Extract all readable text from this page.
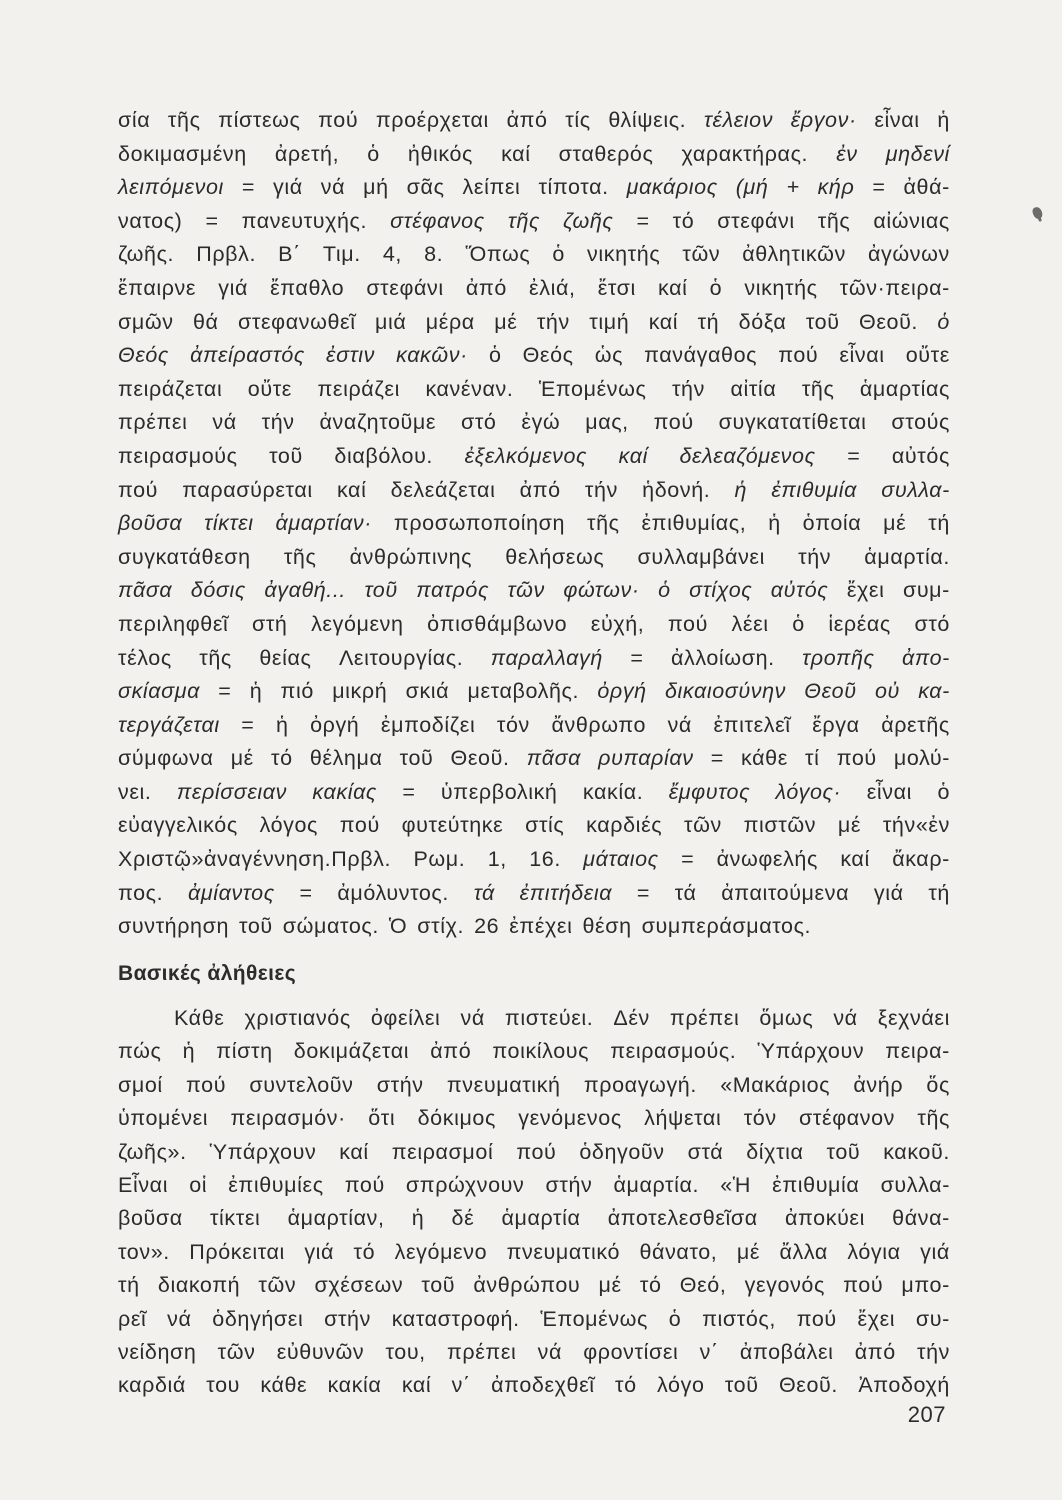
σία τῆς πίστεως πού προέρχεται ἀπό τίς θλίψεις. τέλειον ἔργον· εἶναι ἡ
δοκιμασμένη ἀρετή, ὁ ἠθικός καί σταθερός χαρακτήρας. ἐν μηδενί
λειπόμενοι = γιά νά μή σᾶς λείπει τίποτα. μακάριος (μή + κήρ = ἀθά-
νατος) = πανευτυχής. στέφανος τῆς ζωῆς = τό στεφάνι τῆς αἰώνιας
ζωῆς. Πρβλ. Β΄ Τιμ. 4, 8. Ὅπως ὁ νικητής τῶν ἀθλητικῶν ἀγώνων
ἔπαιρνε γιά ἔπαθλο στεφάνι ἀπό ἐλιά, ἔτσι καί ὁ νικητής τῶν·πειρα-
σμῶν θά στεφανωθεῖ μιά μέρα μέ τήν τιμή καί τή δόξα τοῦ Θεοῦ. ὁ
Θεός ἀπείραστός ἐστιν κακῶν· ὁ Θεός ὡς πανάγαθος πού εἶναι οὔτε
πειράζεται οὔτε πειράζει κανέναν. Ἑπομένως τήν αἰτία τῆς ἁμαρτίας
πρέπει νά τήν ἀναζητοῦμε στό ἐγώ μας, πού συγκατατίθεται στούς
πειρασμούς τοῦ διαβόλου. ἐξελκόμενος καί δελεαζόμενος = αὐτός
πού παρασύρεται καί δελεάζεται ἀπό τήν ἡδονή. ἡ ἐπιθυμία συλλα-
βοῦσα τίκτει ἁμαρτίαν· προσωποποίηση τῆς ἐπιθυμίας, ἡ ὁποία μέ τή
συγκατάθεση τῆς ἀνθρώπινης θελήσεως συλλαμβάνει τήν ἁμαρτία.
πᾶσα δόσις ἀγαθή... τοῦ πατρός τῶν φώτων· ὁ στίχος αὐτός ἔχει συμ-
περιληφθεῖ στή λεγόμενη ὀπισθάμβωνο εὐχή, πού λέει ὁ ἱερέας στό
τέλος τῆς θείας Λειτουργίας. παραλλαγή = ἀλλοίωση. τροπῆς ἀπο-
σκίασμα = ἡ πιό μικρή σκιά μεταβολῆς. ὀργή δικαιοσύνην Θεοῦ οὐ κα-
τεργάζεται = ἡ ὀργή ἐμποδίζει τόν ἄνθρωπο νά ἐπιτελεῖ ἔργα ἀρετῆς
σύμφωνα μέ τό θέλημα τοῦ Θεοῦ. πᾶσα ρυπαρίαν = κάθε τί πού μολύ-
νει. περίσσειαν κακίας = ὑπερβολική κακία. ἔμφυτος λόγος· εἶναι ὁ
εὐαγγελικός λόγος πού φυτεύτηκε στίς καρδιές τῶν πιστῶν μέ τήν«ἐν
Χριστῷ»ἀναγέννηση.Πρβλ. Ρωμ. 1, 16. μάταιος = ἀνωφελής καί ἄκαρ-
πος. ἀμίαντος = ἀμόλυντος. τά ἐπιτήδεια = τά ἀπαιτούμενα γιά τή
συντήρηση τοῦ σώματος. Ὁ στίχ. 26 ἐπέχει θέση συμπεράσματος.
Βασικές ἀλήθειες
Κάθε χριστιανός ὀφείλει νά πιστεύει. Δέν πρέπει ὅμως νά ξεχνάει
πώς ἡ πίστη δοκιμάζεται ἀπό ποικίλους πειρασμούς. Ὑπάρχουν πειρα-
σμοί πού συντελοῦν στήν πνευματική προαγωγή. «Μακάριος ἀνήρ ὅς
ὑπομένει πειρασμόν· ὅτι δόκιμος γενόμενος λήψεται τόν στέφανον τῆς
ζωῆς». Ὑπάρχουν καί πειρασμοί πού ὁδηγοῦν στά δίχτια τοῦ κακοῦ.
Εἶναι οἱ ἐπιθυμίες πού σπρώχνουν στήν ἁμαρτία. «Ἡ ἐπιθυμία συλλα-
βοῦσα τίκτει ἁμαρτίαν, ἡ δέ ἁμαρτία ἀποτελεσθεῖσα ἀποκύει θάνα-
τον». Πρόκειται γιά τό λεγόμενο πνευματικό θάνατο, μέ ἄλλα λόγια γιά
τή διακοπή τῶν σχέσεων τοῦ ἀνθρώπου μέ τό Θεό, γεγονός πού μπο-
ρεῖ νά ὁδηγήσει στήν καταστροφή. Ἑπομένως ὁ πιστός, πού ἔχει συ-
νείδηση τῶν εὐθυνῶν του, πρέπει νά φροντίσει ν΄ ἀποβάλει ἀπό τήν
καρδιά του κάθε κακία καί ν΄ ἀποδεχθεῖ τό λόγο τοῦ Θεοῦ. Ἀποδοχή
207
